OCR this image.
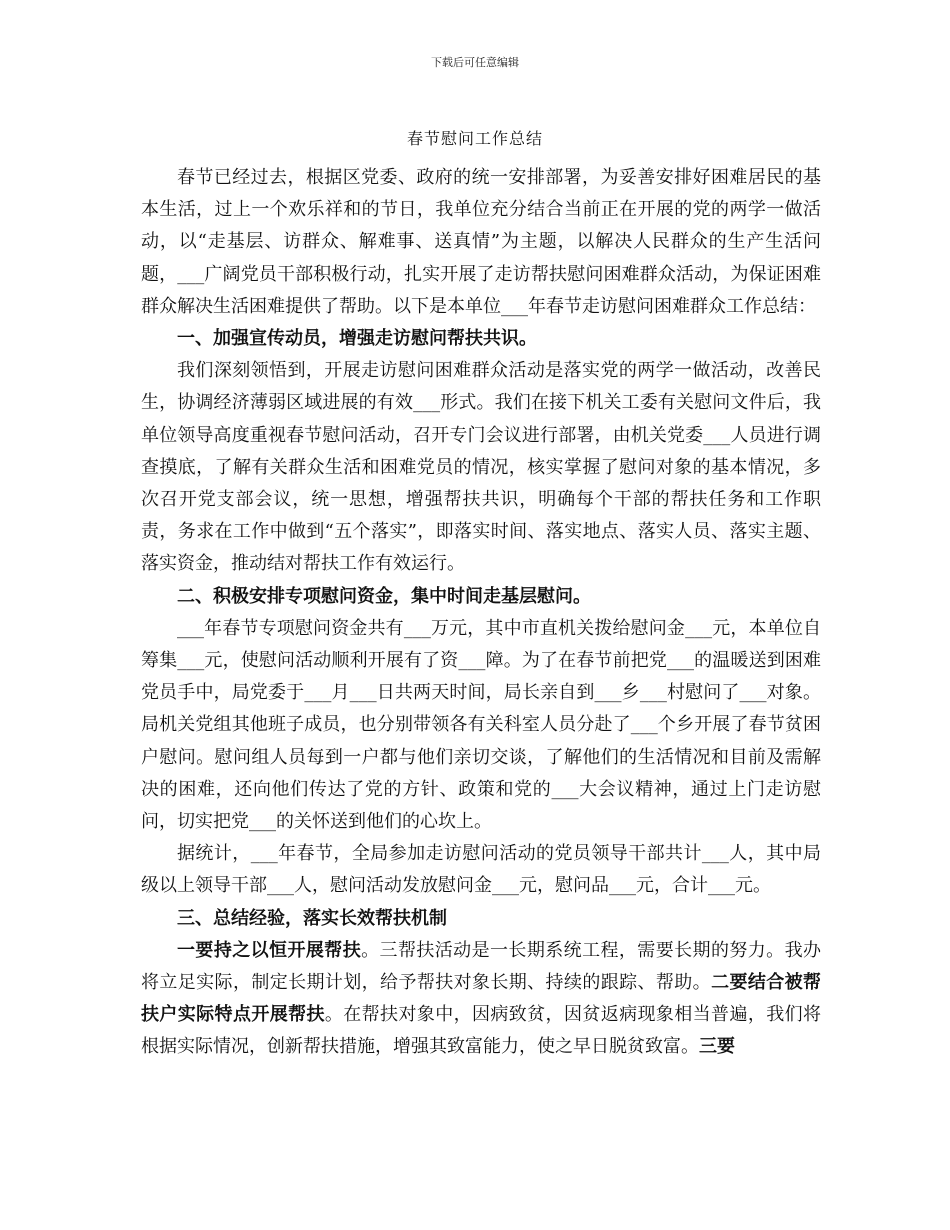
下载后可任意编辑
春节慰问工作总结

春节已经过去，根据区党委、政府的统一安排部署，为妥善安排好困难居民的基本生活，过上一个欢乐祥和的节日，我单位充分结合当前正在开展的党的两学一做活动，以“走基层、访群众、解难事、送真情”为主题，以解决人民群众的生产生活问题，___广阔党员干部积极行动，扎实开展了走访帮扶慰问困难群众活动，为保证困难群众解决生活困难提供了帮助。以下是本单位___年春节走访慰问困难群众工作总结：

一、加强宣传动员，增强走访慰问帮扶共识。

我们深刻领悟到，开展走访慰问困难群众活动是落实党的两学一做活动，改善民生，协调经济薄弱区域进展的有效___形式。我们在接下机关工委有关慰问文件后，我单位领导高度重视春节慰问活动，召开专门会议进行部署，由机关党委___人员进行调查摸底，了解有关群众生活和困难党员的情况，核实掌握了慰问对象的基本情况，多次召开党支部会议，统一思想，增强帮扶共识，明确每个干部的帮扶任务和工作职责，务求在工作中做到“五个落实”，即落实时间、落实地点、落实人员、落实主题、落实资金，推动结对帮扶工作有效运行。

二、积极安排专项慰问资金，集中时间走基层慰问。

___年春节专项慰问资金共有___万元，其中市直机关拨给慰问金___元，本单位自筹集___元，使慰问活动顺利开展有了资___障。为了在春节前把党___的温暖送到困难党员手中，局党委于___月___日共两天时间，局长亲自到___乡___村慰问了___对象。局机关党组其他班子成员，也分别带领各有关科室人员分赴了___个乡开展了春节贫困户慰问。慰问组人员每到一户都与他们亲切交谈，了解他们的生活情况和目前及需解决的困难，还向他们传达了党的方针、政策和党的___大会议精神，通过上门走访慰问，切实把党___的关怀送到他们的心坎上。

据统计，___年春节，全局参加走访慰问活动的党员领导干部共计___人，其中局级以上领导干部___人，慰问活动发放慰问金___元，慰问品___元，合计___元。

三、总结经验，落实长效帮扶机制

一要持之以恒开展帮扶。三帮扶活动是一长期系统工程，需要长期的努力。我办将立足实际，制定长期计划，给予帮扶对象长期、持续的跟踪、帮助。二要结合被帮扶户实际特点开展帮扶。在帮扶对象中，因病致贫，因贫返病现象相当普遍，我们将根据实际情况，创新帮扶措施，增强其致富能力，使之早日脱贫致富。三要
